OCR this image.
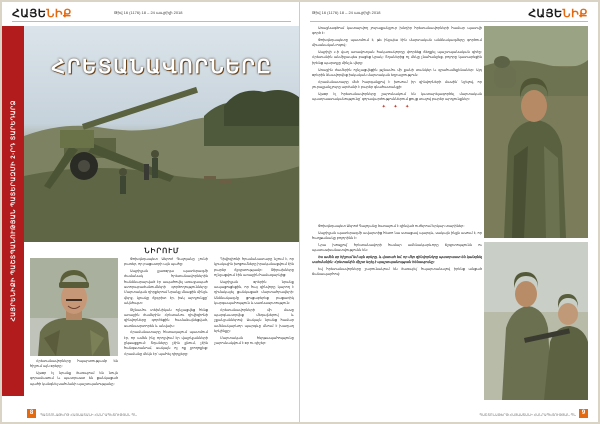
ՀԱՅԵՆԻՔ	Թիվ 16 (1176) 18 – 24 ապրիլի 2018
ՀԱՅՐԵՆԻՔԻ ՊԱՇՏՊԱՆՈՒԹՅԱՆ ՊԱՏԵՐԱԶՄԻ 2-ՐԴ ՏԱՐԵԴԱՐՁ
ՀՐԵՏԱՆԱՎՈՐՆԵՐԸ
ՆԻՐՈՒՄ

Հրետանավորները հպարտությամբ են հիշում այն օրերը։

Այսօր էլ նրանք ծառայում են նույն զորամասում և պատրաստ են ցանկացած պահի կանգնել սահմանի պաշտպանությանը։

Փոխգնդապետ Սերոժ Գալոյանը չունի բառեր, որ բացատրի այն պահը։

Ապրիլյան քառօրյա պատերազմի ժամանակ հրետանավորներին հանձնարարված էր ապահովել առաջապահ ստորաբաժանումների գործողությունները։ Մարտական դիրքերում նրանք մնացին մինչև վերջ, կրակը ճշգրիտ էր, իսկ արդյունքը՝ ակնհայտ։

Թշնամու տեխնիկան ոչնչացվեց հենց առաջին ժամերին։ Հրետանու դիվիզիոնի զինվորները գործեցին համաձայնեցված, սառնասրտորեն և անվախ։

Հրամանատարը հետագայում պատմում էր, որ ամեն ինչ որոշվում էր վայրկյանների ընթացքում։ Տղաները չէին քնում, չէին հանգստանում, սակայն ոչ ոք չբողոքեց։ Հրամանը մեկն էր՝ պահել դիրքերը։

Դիվիզիոնի հրամանատարը նշում է, որ կրակային խոցումները իրականացվում էին բարձր ճշգրտությամբ։ Թիրախները ոչնչացվում էին առաջին համազարկից։

Ապրիլյան օրերին նրանք ապացուցեցին, որ հայ զինվորը կարող է դիմակայել ցանկացած մարտահրավերի։ Անձնակազմը ցուցաբերեց բացառիկ կարգապահություն և սառնասրտություն։

Հրետանավորների մի մասը պարգևատրվեց մեդալներով և շքանշաններով։ Սակայն նրանց համար ամենակարևոր պարգևը մնում է խաղաղ երկինքը։

Մարտական հերթապահությունը շարունակվում է օր ու գիշեր։

8	ՊԱՇՏՈՆԱԹԵՐԹ ՀԱՅԱՍՏԱՆԻ ՀԱՆՐԱՊԵՏՈՒԹՅԱՆ ՊՆ
Թիվ 16 (1176) 18 – 24 ապրիլի 2018	ՀԱՅԵՆԻՔ

Առաջնագծում կատարվող յուրաքանչյուր խնդիր հրետանավորների համար պատվի գործ է։

Փոխգնդապետը պատմում է, թե ինչպես էին մարտական անձնակազմերը գործում միասնական ոգով։

Ապրիլի 2-ի վաղ առավոտյան հակառակորդը փորձեց ճեղքել պաշտպանական գիծը։ Հրետանին անմիջապես բացեց կրակ։ Տղաներից ոչ մեկը չնահանջեց, բոլորը կատարեցին իրենց պարտքը մինչև վերջ։

Առաջին ժամերին ոչնչացվեցին թշնամու մի քանի տանկեր և զրահամեքենաներ։ Այդ օրերին ձևավորվեց իսկական մարտական եղբայրություն։

Հրամանատարը մեծ հարգանքով է խոսում իր զինվորների մասին՝ նշելով, որ յուրաքանչյուրը արժանի է բարձր գնահատանքի։

Այսօր էլ հրետանավորները շարունակում են կատարելագործել մարտական պատրաստականությունը՝ զորավարժություններում ցույց տալով բարձր արդյունքներ։

✦ ✦ ✦

Փոխգնդապետ Սերոժ Գալոյանը ծառայում է զինված ուժերում երկար տարիներ։

Ապրիլյան պատերազմի ավարտից հետո նա ստացավ պարգև, սակայն ինքն ասում է, որ հաղթանակը բոլորինն է։

Նրա խոսքով՝ հրետանավորի համար ամենակարևորը ճշգրտությունն ու պատասխանատվությունն են։

Ես ամեն օր հիշում եմ այն օրերը, և վստահ եմ, որ մեր զինվորները պատրաստ են կանգնել սահմանին։ Հրետանին միշտ եղել է պաշտպանության հենասյունը։

Եվ հրետանավորները շարունակում են ծառայել՝ հպարտանալով իրենց անցած ճանապարհով։

ՊԱՇՏՈՆԱԹԵՐԹ ՀԱՅԱՍՏԱՆԻ ՀԱՆՐԱՊԵՏՈՒԹՅԱՆ ՊՆ 9
